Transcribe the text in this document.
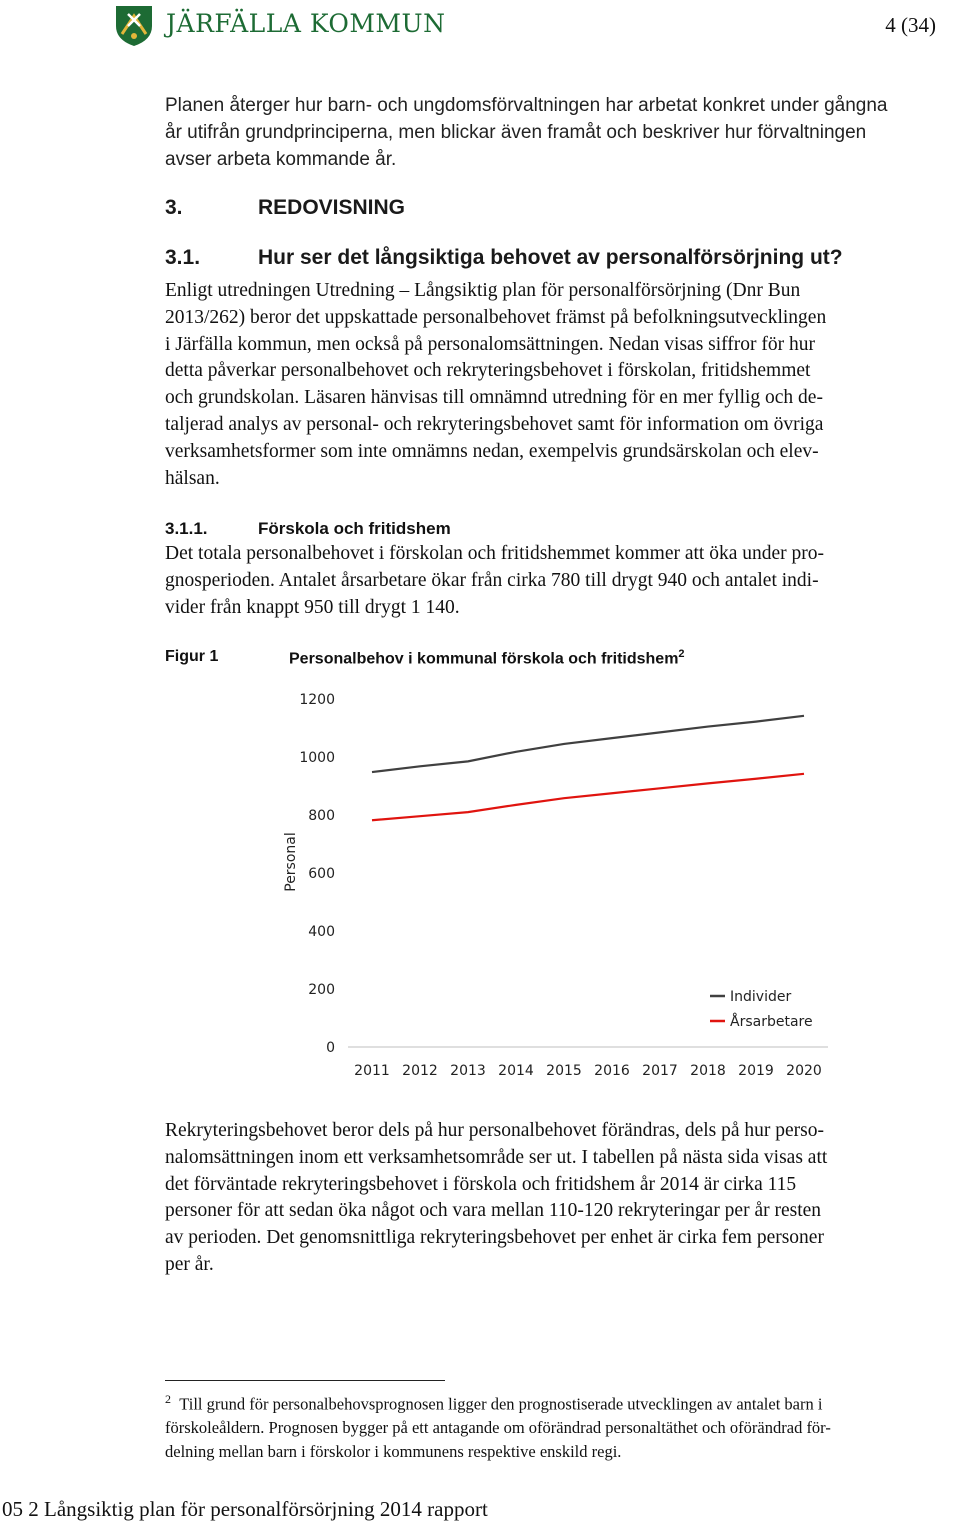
JÄRFÄLLA KOMMUN	4 (34)
Planen återger hur barn- och ungdomsförvaltningen har arbetat konkret under gångna
år utifrån grundprinciperna, men blickar även framåt och beskriver hur förvaltningen
avser arbeta kommande år.
3.	REDOVISNING
3.1.	Hur ser det långsiktiga behovet av personalförsörjning ut?
Enligt utredningen Utredning – Långsiktig plan för personalförsörjning (Dnr Bun
2013/262) beror det uppskattade personalbehovet främst på befolkningsutvecklingen
i Järfälla kommun, men också på personalomsättningen. Nedan visas siffror för hur
detta påverkar personalbehovet och rekryteringsbehovet i förskolan, fritidshemmet
och grundskolan. Läsaren hänvisas till omnämnd utredning för en mer fyllig och de-
taljerad analys av personal- och rekryteringsbehovet samt för information om övriga
verksamhetsformer som inte omnämns nedan, exempelvis grundsärskolan och elev-
hälsan.
3.1.1.	Förskola och fritidshem
Det totala personalbehovet i förskolan och fritidshemmet kommer att öka under pro-
gnosperioden. Antalet årsarbetare ökar från cirka 780 till drygt 940 och antalet indi-
vider från knappt 950 till drygt 1 140.
Figur 1	Personalbehov i kommunal förskola och fritidshem$^2$
Personal
0
200
400
600
800
1000
1200
2011 2012 2013 2014 2015 2016 2017 2018 2019 2020
Individer
Årsarbetare
Rekryteringsbehovet beror dels på hur personalbehovet förändras, dels på hur perso-
nalomsättningen inom ett verksamhetsområde ser ut. I tabellen på nästa sida visas att
det förväntade rekryteringsbehovet i förskola och fritidshem år 2014 är cirka 115
personer för att sedan öka något och vara mellan 110-120 rekryteringar per år resten
av perioden. Det genomsnittliga rekryteringsbehovet per enhet är cirka fem personer
per år.
$^2$ Till grund för personalbehovsprognosen ligger den prognostiserade utvecklingen av antalet barn i
förskoleåldern. Prognosen bygger på ett antagande om oförändrad personaltäthet och oförändrad för-
delning mellan barn i förskolor i kommunens respektive enskild regi.
05 2 Långsiktig plan för personalförsörjning 2014 rapport
